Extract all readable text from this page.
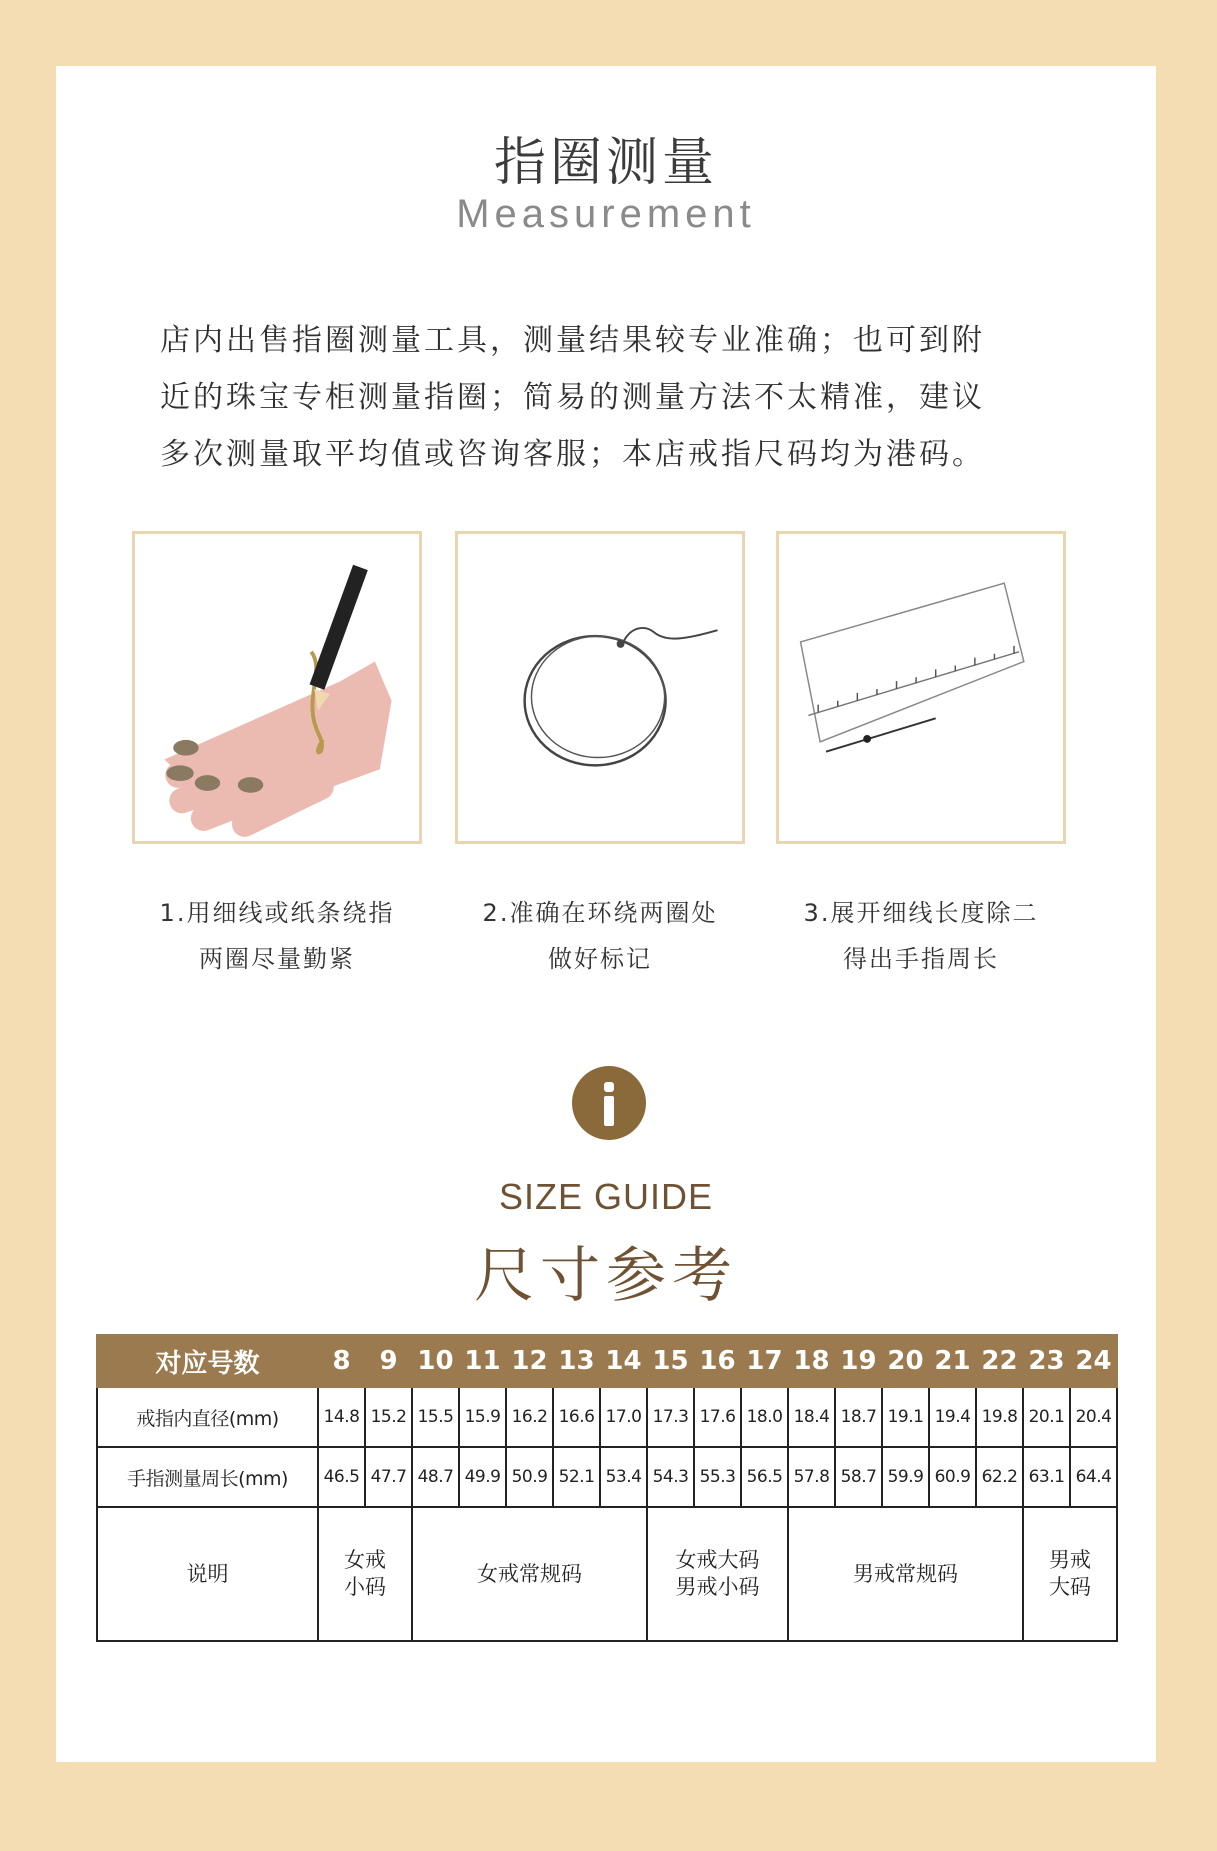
指圈测量
Measurement
店内出售指圈测量工具，测量结果较专业准确；也可到附
近的珠宝专柜测量指圈；简易的测量方法不太精准，建议
多次测量取平均值或咨询客服；本店戒指尺码均为港码。
1.用细线或纸条绕指
两圈尽量勤紧
2.准确在环绕两圈处
做好标记
3.展开细线长度除二
得出手指周长
SIZE GUIDE
尺寸参考
对应号数	8	9	10	11	12	13	14	15	16	17	18	19	20	21	22	23	24
戒指内直径(mm)	14.8	15.2	15.5	15.9	16.2	16.6	17.0	17.3	17.6	18.0	18.4	18.7	19.1	19.4	19.8	20.1	20.4
手指测量周长(mm)	46.5	47.7	48.7	49.9	50.9	52.1	53.4	54.3	55.3	56.5	57.8	58.7	59.9	60.9	62.2	63.1	64.4
说明	女戒小码		女戒常规码					女戒大码男戒小码			男戒常规码					男戒大码	
